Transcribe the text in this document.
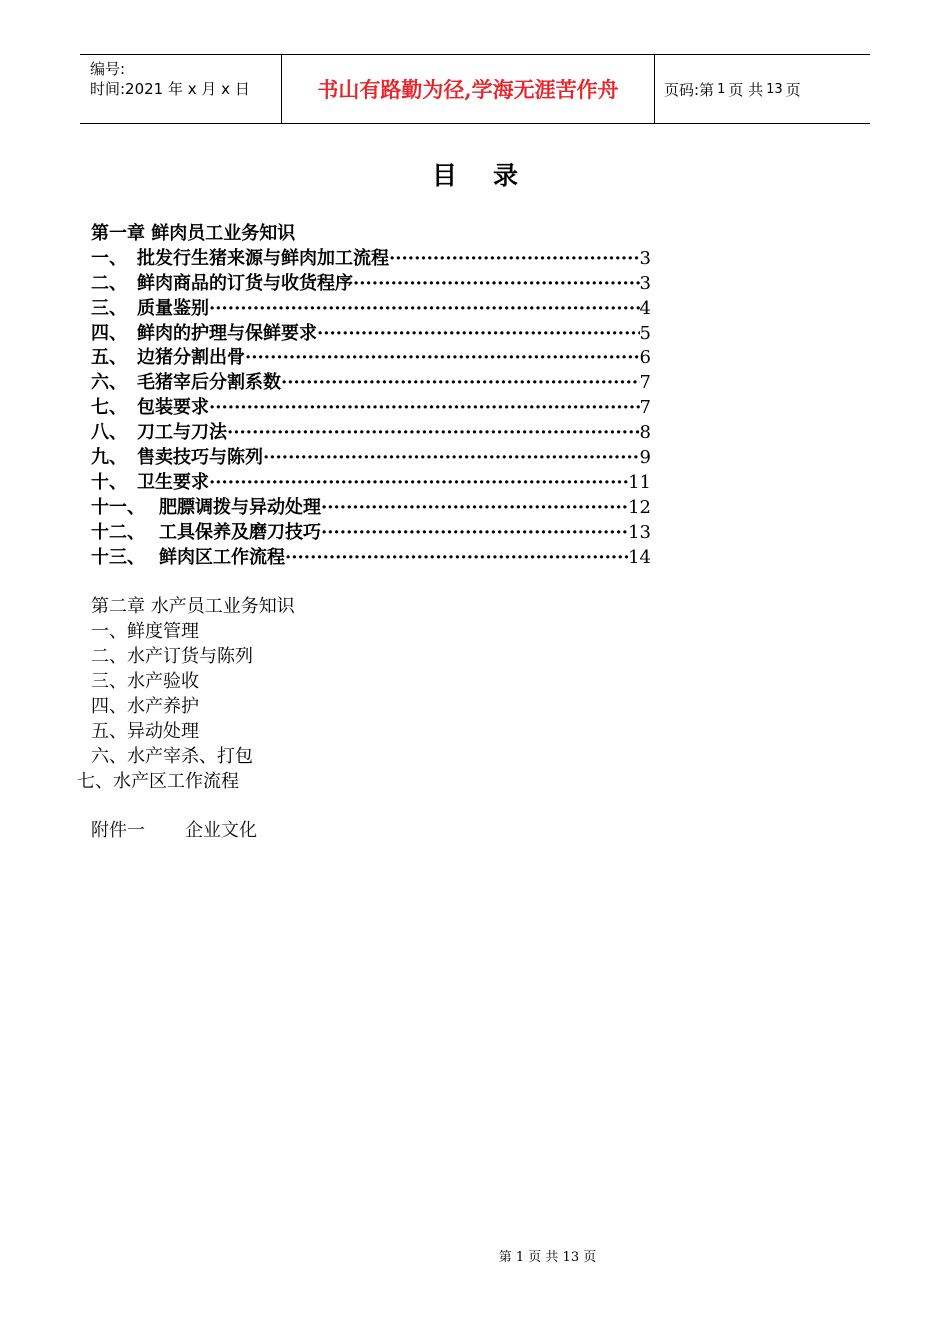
编号:
时间:2021 年 x 月 x 日	书山有路勤为径,学海无涯苦作舟	页码:第 1 页 共 13 页
目录
第一章 鲜肉员工业务知识
一、 批发行生猪来源与鲜肉加工流程 ·····	3
二、 鲜肉商品的订货与收货程序 ·····	3
三、 质量鉴别 ·····	4
四、 鲜肉的护理与保鲜要求 ·····	5
五、 边猪分割出骨 ·····	6
六、 毛猪宰后分割系数 ·····	7
七、 包装要求 ·····	7
八、 刀工与刀法 ·····	8
九、 售卖技巧与陈列 ·····	9
十、 卫生要求 ·····	11
十一、 肥膘调拨与异动处理 ·····	12
十二、 工具保养及磨刀技巧 ·····	13
十三、 鲜肉区工作流程 ·····	14
第二章 水产员工业务知识
一、鲜度管理
二、水产订货与陈列
三、水产验收
四、水产养护
五、异动处理
六、水产宰杀、打包
七、水产区工作流程
附件一 企业文化
第 1 页 共 13 页
